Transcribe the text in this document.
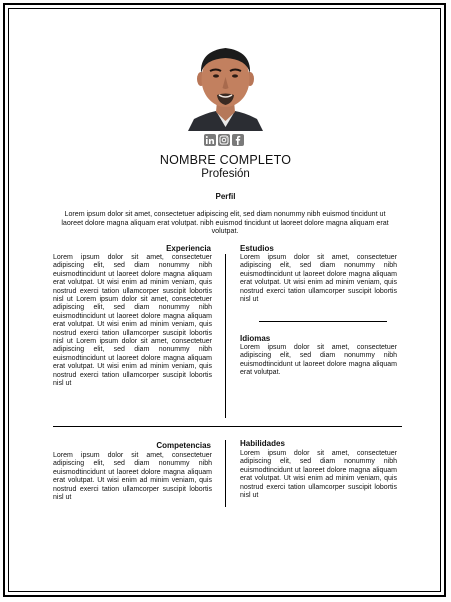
NOMBRE COMPLETO
Profesión
Perfil
Lorem ipsum dolor sit amet, consectetuer adipiscing elit, sed diam nonummy nibh euismod tincidunt ut laoreet dolore magna aliquam erat volutpat. nibh euismod tincidunt ut laoreet dolore magna aliquam erat volutpat.
Experiencia
Lorem ipsum dolor sit amet, consectetuer adipiscing elit, sed diam nonummy nibh euismodtincidunt ut laoreet dolore magna aliquam erat volutpat. Ut wisi enim ad minim veniam, quis nostrud exerci tation ullamcorper suscipit lobortis nisl ut Lorem ipsum dolor sit amet, consectetuer adipiscing elit, sed diam nonummy nibh euismodtincidunt ut laoreet dolore magna aliquam erat volutpat. Ut wisi enim ad minim veniam, quis nostrud exerci tation ullamcorper suscipit lobortis nisl ut Lorem ipsum dolor sit amet, consectetuer adipiscing elit, sed diam nonummy nibh euismodtincidunt ut laoreet dolore magna aliquam erat volutpat. Ut wisi enim ad minim veniam, quis nostrud exerci tation ullamcorper suscipit lobortis nisl ut
Estudios
Lorem ipsum dolor sit amet, consectetuer adipiscing elit, sed diam nonummy nibh euismodtincidunt ut laoreet dolore magna aliquam erat volutpat. Ut wisi enim ad minim veniam, quis nostrud exerci tation ullamcorper suscipit lobortis nisl ut
Idiomas
Lorem ipsum dolor sit amet, consectetuer adipiscing elit, sed diam nonummy nibh euismodtincidunt ut laoreet dolore magna aliquam erat volutpat.
Competencias
Lorem ipsum dolor sit amet, consectetuer adipiscing elit, sed diam nonummy nibh euismodtincidunt ut laoreet dolore magna aliquam erat volutpat. Ut wisi enim ad minim veniam, quis nostrud exerci tation ullamcorper suscipit lobortis nisl ut
Habilidades
Lorem ipsum dolor sit amet, consectetuer adipiscing elit, sed diam nonummy nibh euismodtincidunt ut laoreet dolore magna aliquam erat volutpat. Ut wisi enim ad minim veniam, quis nostrud exerci tation ullamcorper suscipit lobortis nisl ut
